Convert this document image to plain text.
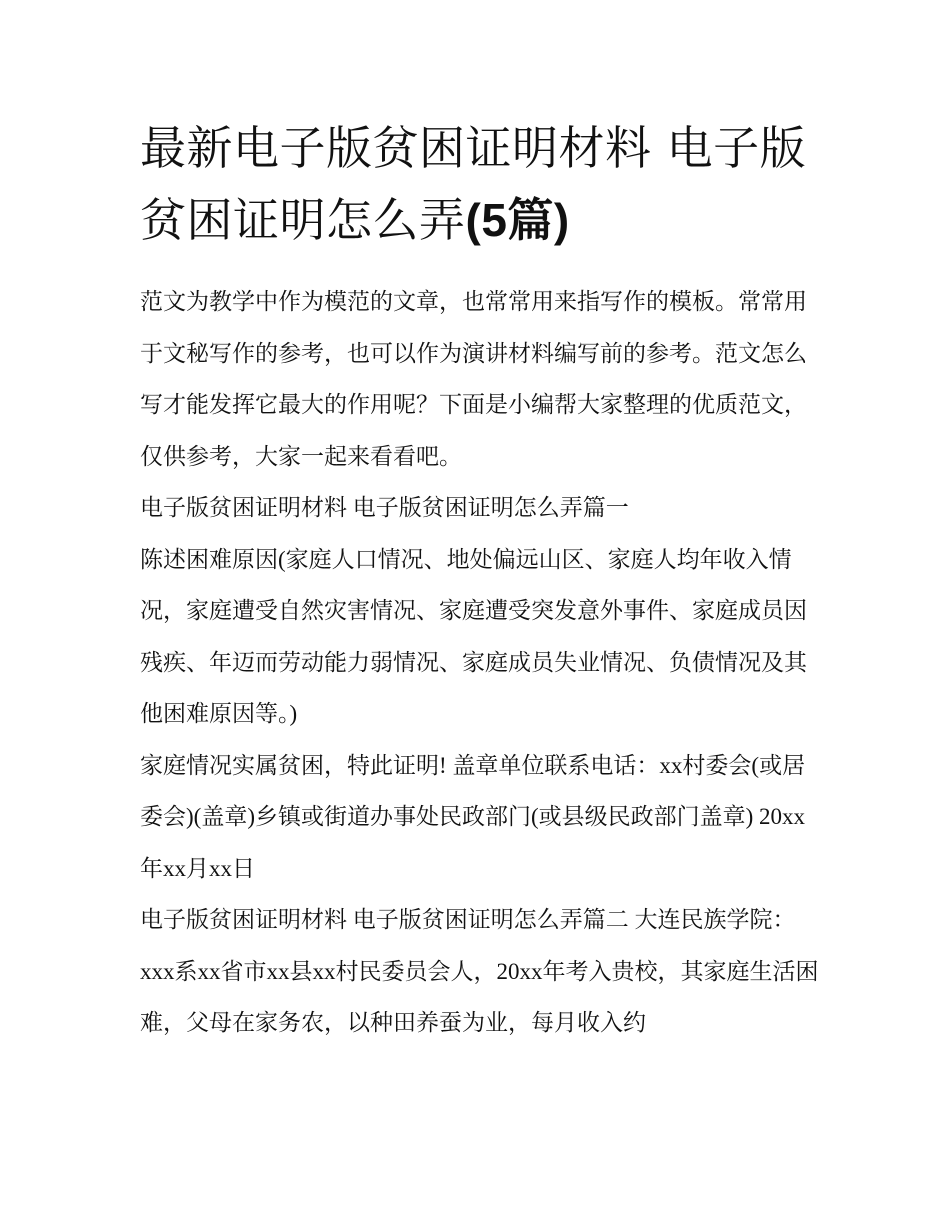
最新电子版贫困证明材料 电子版贫困证明怎么弄(5篇)

范文为教学中作为模范的文章，也常常用来指写作的模板。常常用于文秘写作的参考，也可以作为演讲材料编写前的参考。范文怎么写才能发挥它最大的作用呢？下面是小编帮大家整理的优质范文，仅供参考，大家一起来看看吧。

电子版贫困证明材料 电子版贫困证明怎么弄篇一

陈述困难原因(家庭人口情况、地处偏远山区、家庭人均年收入情况，家庭遭受自然灾害情况、家庭遭受突发意外事件、家庭成员因残疾、年迈而劳动能力弱情况、家庭成员失业情况、负债情况及其他困难原因等。)

家庭情况实属贫困，特此证明! 盖章单位联系电话：xx村委会(或居委会)(盖章)乡镇或街道办事处民政部门(或县级民政部门盖章) 20xx年xx月xx日

电子版贫困证明材料 电子版贫困证明怎么弄篇二 大连民族学院：

xxx系xx省市xx县xx村民委员会人，20xx年考入贵校，其家庭生活困难，父母在家务农，以种田养蚕为业，每月收入约
